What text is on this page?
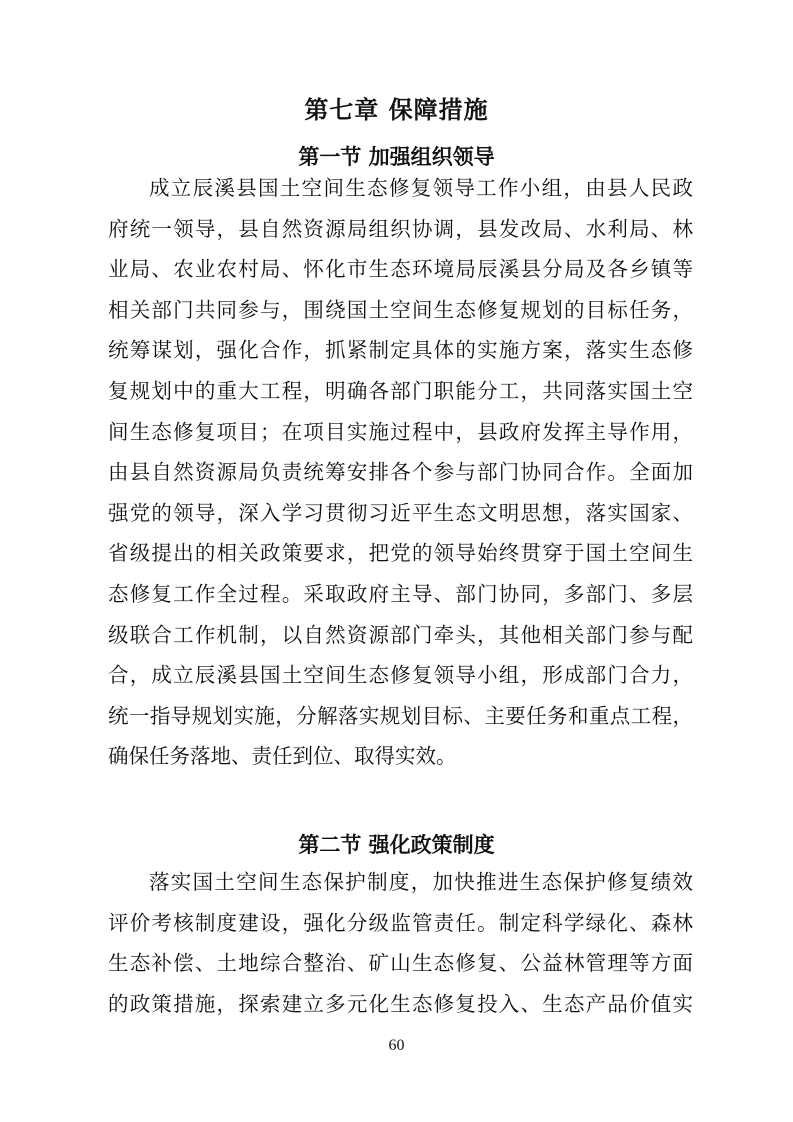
第七章 保障措施
第一节 加强组织领导
成立辰溪县国土空间生态修复领导工作小组，由县人民政
府统一领导，县自然资源局组织协调，县发改局、水利局、林
业局、农业农村局、怀化市生态环境局辰溪县分局及各乡镇等
相关部门共同参与，围绕国土空间生态修复规划的目标任务，
统筹谋划，强化合作，抓紧制定具体的实施方案，落实生态修
复规划中的重大工程，明确各部门职能分工，共同落实国土空
间生态修复项目；在项目实施过程中，县政府发挥主导作用，
由县自然资源局负责统筹安排各个参与部门协同合作。全面加
强党的领导，深入学习贯彻习近平生态文明思想，落实国家、
省级提出的相关政策要求，把党的领导始终贯穿于国土空间生
态修复工作全过程。采取政府主导、部门协同，多部门、多层
级联合工作机制，以自然资源部门牵头，其他相关部门参与配
合，成立辰溪县国土空间生态修复领导小组，形成部门合力，
统一指导规划实施，分解落实规划目标、主要任务和重点工程，
确保任务落地、责任到位、取得实效。
第二节 强化政策制度
落实国土空间生态保护制度，加快推进生态保护修复绩效
评价考核制度建设，强化分级监管责任。制定科学绿化、森林
生态补偿、土地综合整治、矿山生态修复、公益林管理等方面
的政策措施，探索建立多元化生态修复投入、生态产品价值实
60
